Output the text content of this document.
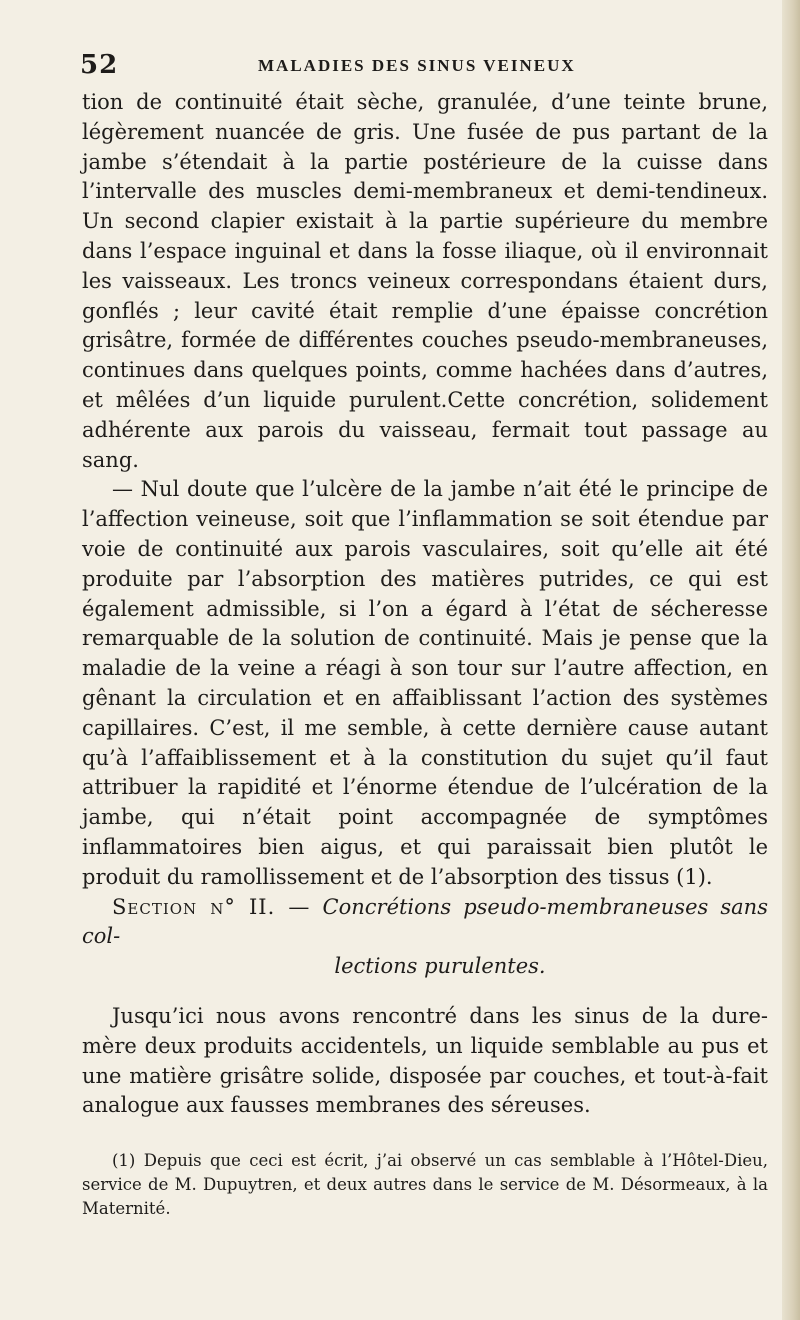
52	MALADIES DES SINUS VEINEUX

tion de continuité était sèche, granulée, d’une teinte brune, légèrement nuancée de gris. Une fusée de pus partant de la jambe s’étendait à la partie postérieure de la cuisse dans l’intervalle des muscles demi-membraneux et demi-tendineux. Un second clapier existait à la partie supérieure du membre dans l’espace inguinal et dans la fosse iliaque, où il environnait les vaisseaux. Les troncs veineux correspondans étaient durs, gonflés ; leur cavité était remplie d’une épaisse concrétion grisâtre, formée de différentes couches pseudo-membraneuses, continues dans quelques points, comme hachées dans d’autres, et mêlées d’un liquide purulent.Cette concrétion, solidement adhérente aux parois du vaisseau, fermait tout passage au sang.

— Nul doute que l’ulcère de la jambe n’ait été le principe de l’affection veineuse, soit que l’inflammation se soit étendue par voie de continuité aux parois vasculaires, soit qu’elle ait été produite par l’absorption des matières putrides, ce qui est également admissible, si l’on a égard à l’état de sécheresse remarquable de la solution de continuité. Mais je pense que la maladie de la veine a réagi à son tour sur l’autre affection, en gênant la circulation et en affaiblissant l’action des systèmes capillaires. C’est, il me semble, à cette dernière cause autant qu’à l’affaiblissement et à la constitution du sujet qu’il faut attribuer la rapidité et l’énorme étendue de l’ulcération de la jambe, qui n’était point accompagnée de symptômes inflammatoires bien aigus, et qui paraissait bien plutôt le produit du ramollissement et de l’absorption des tissus (1).

Section n° II. — Concrétions pseudo-membraneuses sans col-
lections purulentes.

Jusqu’ici nous avons rencontré dans les sinus de la dure-mère deux produits accidentels, un liquide semblable au pus et une matière grisâtre solide, disposée par couches, et tout-à-fait analogue aux fausses membranes des séreuses.

(1) Depuis que ceci est écrit, j’ai observé un cas semblable à l’Hôtel-Dieu, service de M. Dupuytren, et deux autres dans le service de M. Désormeaux, à la Maternité.
